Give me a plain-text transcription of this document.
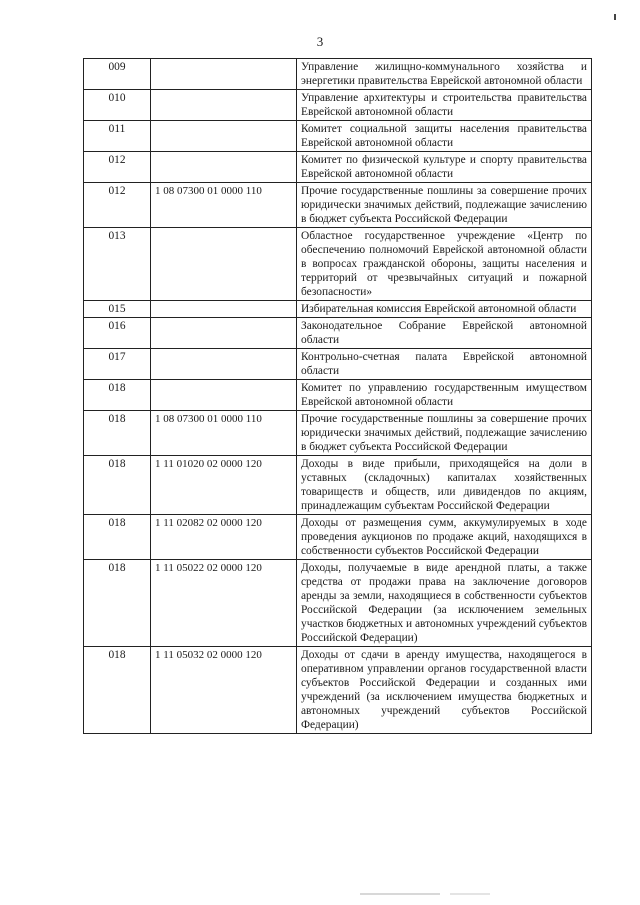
3
009		Управление жилищно-коммунального хозяйства и энергетики правительства Еврейской автономной области
010		Управление архитектуры и строительства правительства Еврейской автономной области
011		Комитет социальной защиты населения правительства Еврейской автономной области
012		Комитет по физической культуре и спорту правительства Еврейской автономной области
012	1 08 07300 01 0000 110	Прочие государственные пошлины за совершение прочих юридически значимых действий, подлежащие зачислению в бюджет субъекта Российской Федерации
013		Областное государственное учреждение «Центр по обеспечению полномочий Еврейской автономной области в вопросах гражданской обороны, защиты населения и территорий от чрезвычайных ситуаций и пожарной безопасности»
015		Избирательная комиссия Еврейской автономной области
016		Законодательное Собрание Еврейской автономной области
017		Контрольно-счетная палата Еврейской автономной области
018		Комитет по управлению государственным имуществом Еврейской автономной области
018	1 08 07300 01 0000 110	Прочие государственные пошлины за совершение прочих юридически значимых действий, подлежащие зачислению в бюджет субъекта Российской Федерации
018	1 11 01020 02 0000 120	Доходы в виде прибыли, приходящейся на доли в уставных (складочных) капиталах хозяйственных товариществ и обществ, или дивидендов по акциям, принадлежащим субъектам Российской Федерации
018	1 11 02082 02 0000 120	Доходы от размещения сумм, аккумулируемых в ходе проведения аукционов по продаже акций, находящихся в собственности субъектов Российской Федерации
018	1 11 05022 02 0000 120	Доходы, получаемые в виде арендной платы, а также средства от продажи права на заключение договоров аренды за земли, находящиеся в собственности субъектов Российской Федерации (за исключением земельных участков бюджетных и автономных учреждений субъектов Российской Федерации)
018	1 11 05032 02 0000 120	Доходы от сдачи в аренду имущества, находящегося в оперативном управлении органов государственной власти субъектов Российской Федерации и созданных ими учреждений (за исключением имущества бюджетных и автономных учреждений субъектов Российской Федерации)
